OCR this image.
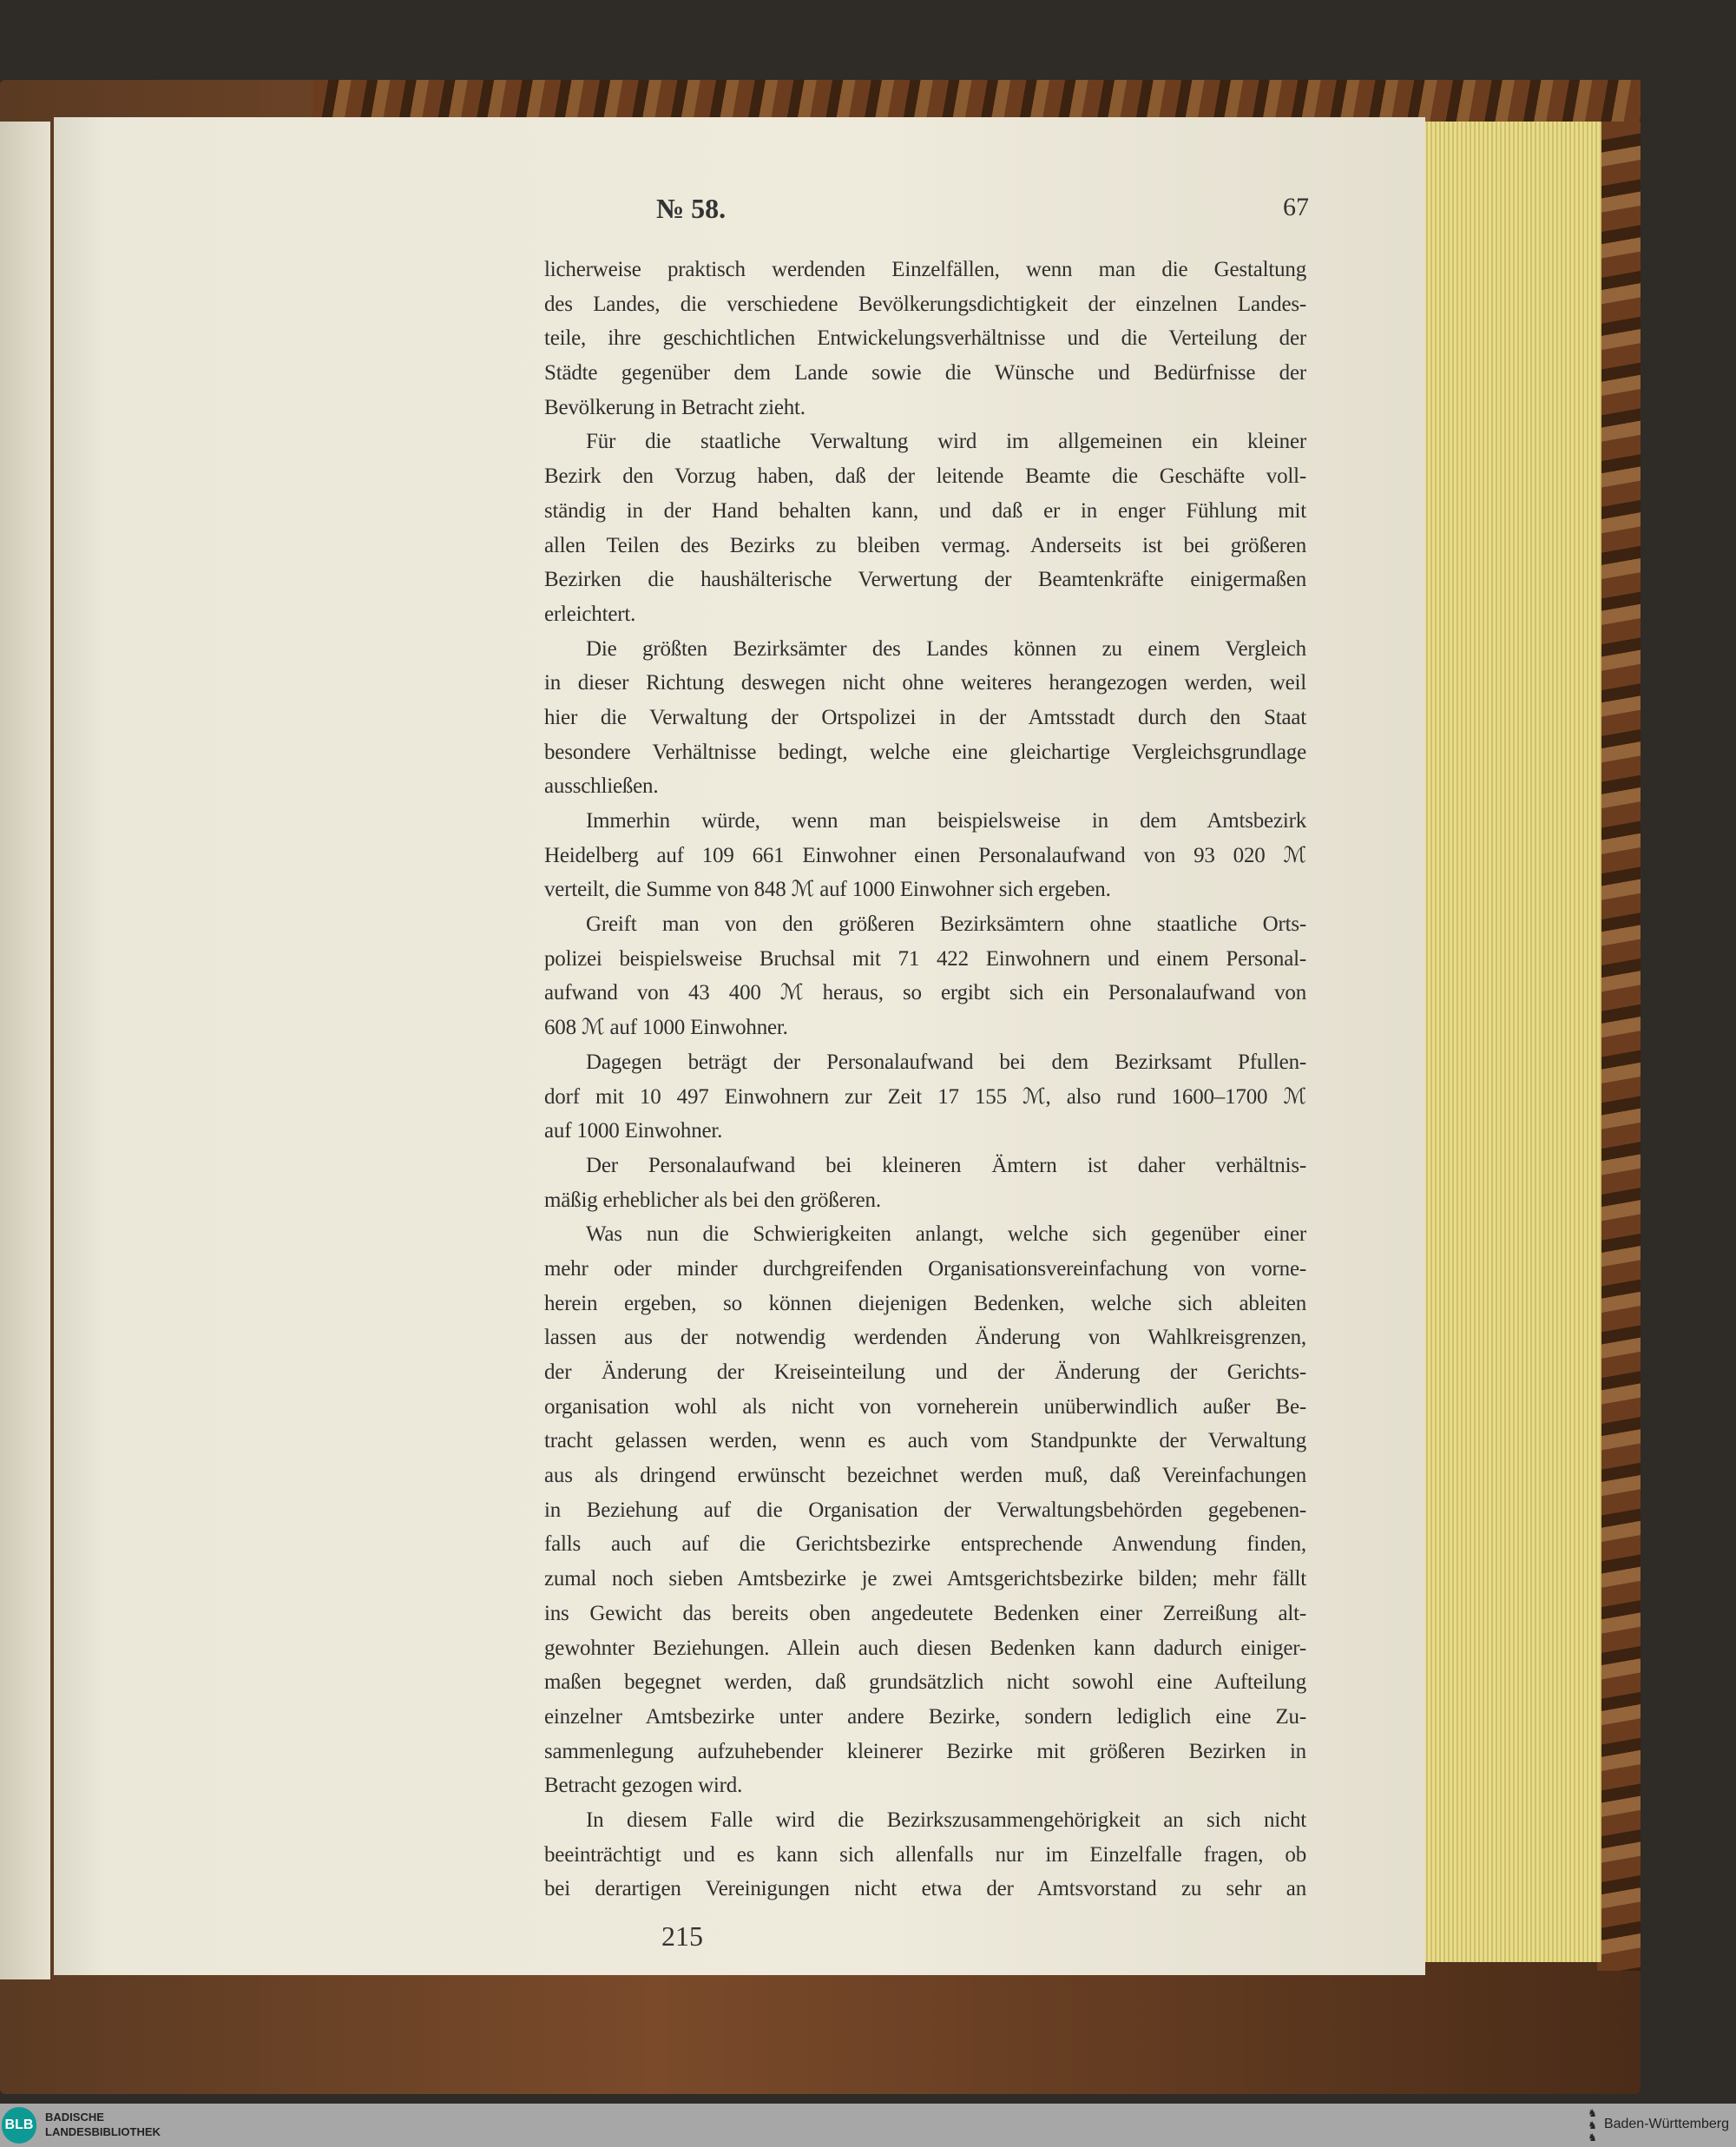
№ 58.	67
licherweise praktisch werdenden Einzelfällen, wenn man die Gestaltung
des Landes, die verschiedene Bevölkerungsdichtigkeit der einzelnen Landes-
teile, ihre geschichtlichen Entwickelungsverhältnisse und die Verteilung der
Städte gegenüber dem Lande sowie die Wünsche und Bedürfnisse der
Bevölkerung in Betracht zieht.
Für die staatliche Verwaltung wird im allgemeinen ein kleiner
Bezirk den Vorzug haben, daß der leitende Beamte die Geschäfte voll-
ständig in der Hand behalten kann, und daß er in enger Fühlung mit
allen Teilen des Bezirks zu bleiben vermag. Anderseits ist bei größeren
Bezirken die haushälterische Verwertung der Beamtenkräfte einigermaßen
erleichtert.
Die größten Bezirksämter des Landes können zu einem Vergleich
in dieser Richtung deswegen nicht ohne weiteres herangezogen werden, weil
hier die Verwaltung der Ortspolizei in der Amtsstadt durch den Staat
besondere Verhältnisse bedingt, welche eine gleichartige Vergleichsgrundlage
ausschließen.
Immerhin würde, wenn man beispielsweise in dem Amtsbezirk
Heidelberg auf 109 661 Einwohner einen Personalaufwand von 93 020 ℳ
verteilt, die Summe von 848 ℳ auf 1000 Einwohner sich ergeben.
Greift man von den größeren Bezirksämtern ohne staatliche Orts-
polizei beispielsweise Bruchsal mit 71 422 Einwohnern und einem Personal-
aufwand von 43 400 ℳ heraus, so ergibt sich ein Personalaufwand von
608 ℳ auf 1000 Einwohner.
Dagegen beträgt der Personalaufwand bei dem Bezirksamt Pfullen-
dorf mit 10 497 Einwohnern zur Zeit 17 155 ℳ, also rund 1600–1700 ℳ
auf 1000 Einwohner.
Der Personalaufwand bei kleineren Ämtern ist daher verhältnis-
mäßig erheblicher als bei den größeren.
Was nun die Schwierigkeiten anlangt, welche sich gegenüber einer
mehr oder minder durchgreifenden Organisationsvereinfachung von vorne-
herein ergeben, so können diejenigen Bedenken, welche sich ableiten
lassen aus der notwendig werdenden Änderung von Wahlkreisgrenzen,
der Änderung der Kreiseinteilung und der Änderung der Gerichts-
organisation wohl als nicht von vorneherein unüberwindlich außer Be-
tracht gelassen werden, wenn es auch vom Standpunkte der Verwaltung
aus als dringend erwünscht bezeichnet werden muß, daß Vereinfachungen
in Beziehung auf die Organisation der Verwaltungsbehörden gegebenen-
falls auch auf die Gerichtsbezirke entsprechende Anwendung finden,
zumal noch sieben Amtsbezirke je zwei Amtsgerichtsbezirke bilden; mehr fällt
ins Gewicht das bereits oben angedeutete Bedenken einer Zerreißung alt-
gewohnter Beziehungen. Allein auch diesen Bedenken kann dadurch einiger-
maßen begegnet werden, daß grundsätzlich nicht sowohl eine Aufteilung
einzelner Amtsbezirke unter andere Bezirke, sondern lediglich eine Zu-
sammenlegung aufzuhebender kleinerer Bezirke mit größeren Bezirken in
Betracht gezogen wird.
In diesem Falle wird die Bezirkszusammengehörigkeit an sich nicht
beeinträchtigt und es kann sich allenfalls nur im Einzelfalle fragen, ob
bei derartigen Vereinigungen nicht etwa der Amtsvorstand zu sehr an
215
BLB
BADISCHE
LANDESBIBLIOTHEK
♞
♞
♞
Baden-Württemberg
